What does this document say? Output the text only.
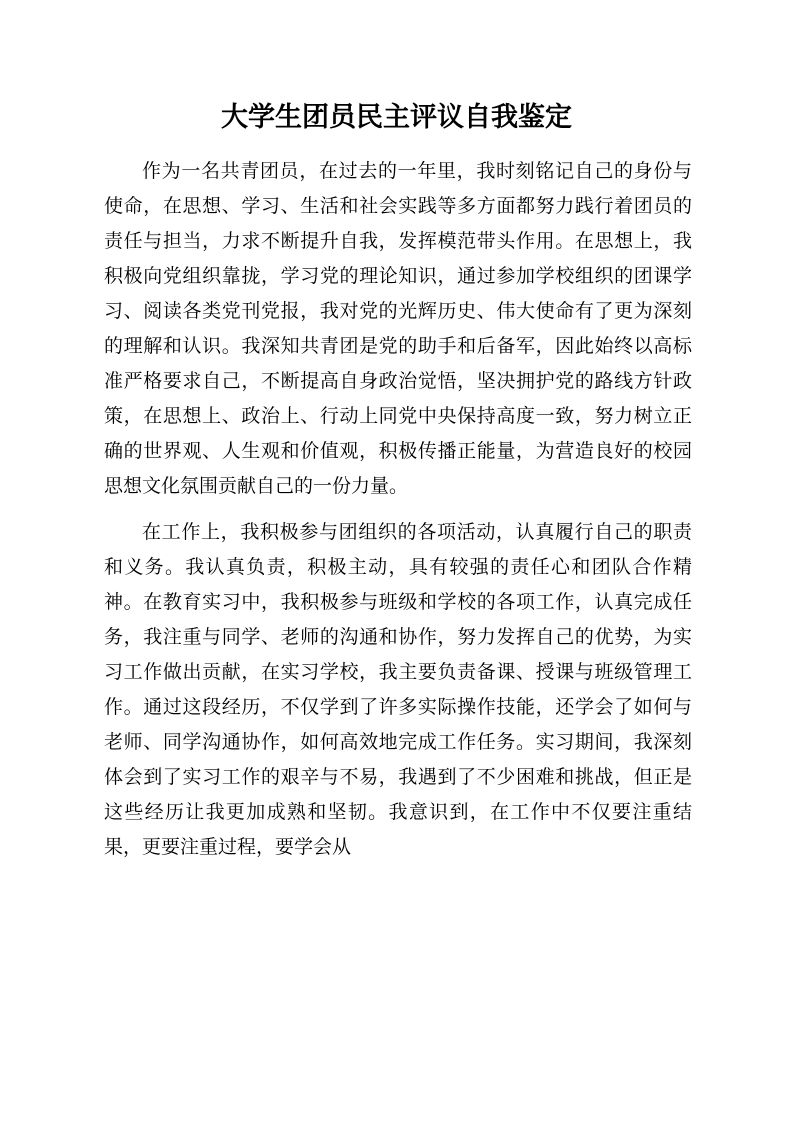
大学生团员民主评议自我鉴定

作为一名共青团员，在过去的一年里，我时刻铭记自己的身份与使命，在思想、学习、生活和社会实践等多方面都努力践行着团员的责任与担当，力求不断提升自我，发挥模范带头作用。在思想上，我积极向党组织靠拢，学习党的理论知识，通过参加学校组织的团课学习、阅读各类党刊党报，我对党的光辉历史、伟大使命有了更为深刻的理解和认识。我深知共青团是党的助手和后备军，因此始终以高标准严格要求自己，不断提高自身政治觉悟，坚决拥护党的路线方针政策，在思想上、政治上、行动上同党中央保持高度一致，努力树立正确的世界观、人生观和价值观，积极传播正能量，为营造良好的校园思想文化氛围贡献自己的一份力量。

在工作上，我积极参与团组织的各项活动，认真履行自己的职责和义务。我认真负责，积极主动，具有较强的责任心和团队合作精神。在教育实习中，我积极参与班级和学校的各项工作，认真完成任务，我注重与同学、老师的沟通和协作，努力发挥自己的优势，为实习工作做出贡献，在实习学校，我主要负责备课、授课与班级管理工作。通过这段经历，不仅学到了许多实际操作技能，还学会了如何与老师、同学沟通协作，如何高效地完成工作任务。实习期间，我深刻体会到了实习工作的艰辛与不易，我遇到了不少困难和挑战，但正是这些经历让我更加成熟和坚韧。我意识到，在工作中不仅要注重结果，更要注重过程，要学会从
